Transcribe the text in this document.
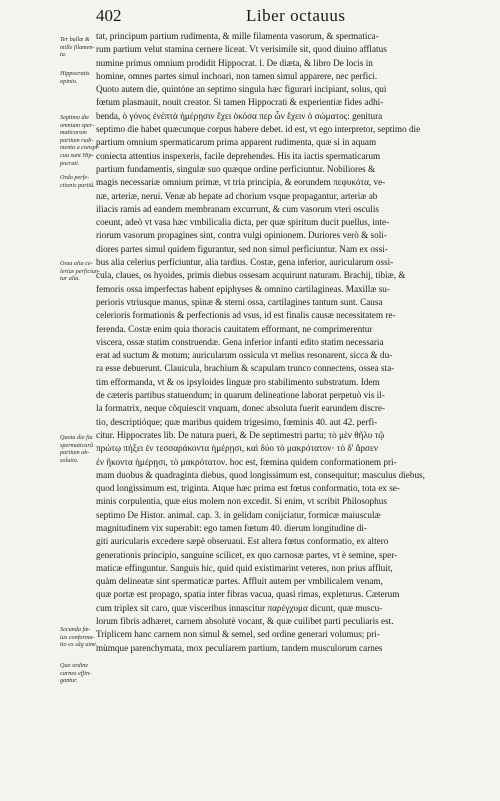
402	Liber octauus
Ter bullæ &
mille filamen-
ta.
Hippocratis
opinio.
Septimo die
omnium sper-
maticorum
partium rudi-
menta a conspi-
cua sunt Hip-
pocrati.
Ordo perfe-
ctionis partiũ.
Ossa alia ce-
lerius perficiun-
tur alia.
Quota die fia
spermaticarũ
partium ab-
solutio.
Secunda fœ-
tus conforma-
tio ex sãg uine.
Quo ordine
carnes effin-
gantur.
tat, principum partium rudimenta, & mille filamenta vasorum, & spermatica-
rum partium velut stamina cernere liceat. Vt verisimile sit, quod diuino afflatus
numine primus omnium prodidit Hippocrat. l. De diæta, & libro De locis in
homine, omnes partes simul inchoari, non tamen simul apparere, nec perfici.
Quoto autem die, quintóne an septimo singula hæc figurari incipiant, solus, qui
fœtum plasmauit, nouit creator. Si tamen Hippocrati & experientiæ fides adhi-
benda, ὁ γόνος ἐνέπτὰ ἡμέρῃσιν ἔχει ὁκόσα περ ὦν ἔχειν ὁ σώματος: genitura
septimo die habet quæcunque corpus habere debet. id est, vt ego interpretor, septimo die
partium omnium spermaticarum prima apparent rudimenta, quæ si in aquam
coniecta attentius inspexeris, facile deprehendes. His ita iactis spermaticarum
partium fundamentis, singulæ suo quæque ordine perficiuntur. Nobiliores &
magis necessariæ omnium primæ, vt tria principia, & eorundem πεφυκότα, ve-
næ, arteriæ, nerui. Venæ ab hepate ad chorium vsque propagantur, arteriæ ab
iliacis ramis ad eandem membranam excurrunt, & cum vasorum vteri osculis
coeunt, adeò vt vasa hæc vmbilicalia dicta, per quæ spiritum ducit puellus, inte-
riorum vasorum propagines sint, contra vulgi opinionem. Duriores verò & soli-
diores partes simul quidem figurantur, sed non simul perficiuntur. Nam ex ossi-
bus alia celerius perficiuntur, alia tardius. Costæ, gena inferior, auricularum ossi-
cula, claues, os hyoides, primis diebus ossesam acquirunt naturam. Brachij, tibiæ, &
femoris ossa imperfectas habent epiphyses & omnino cartilagineas. Maxillæ su-
perioris vtriusque manus, spinæ & sterni ossa, cartilagines tantum sunt. Causa
celerioris formationis & perfectionis ad vsus, id est finalis causæ necessitatem re-
ferenda. Costæ enim quia thoracis cauitatem efformant, ne comprimerentur
viscera, ossæ statim construendæ. Gena inferior infanti edito statim necessaria
erat ad suctum & motum; auricularum ossicula vt melius resonarent, sicca & du-
ra esse debuerunt. Clauicula, brachium & scapulam trunco connectens, ossea sta-
tim efformanda, vt & os ipsyloides linguæ pro stabilimento substratum. Idem
de cæteris partibus statuendum; in quarum delineatione laborat perpetuò vis il-
la formatrix, neque cõquiescit vnquam, donec absoluta fuerit earundem discre-
tio, descriptióque; quæ maribus quidem trigesimo, fœminis 40. aut 42. perfi-
citur. Hippocrates lib. De natura pueri, & De septimestri partu; τὸ μὲν θῆλυ τῷ
πρώτῳ πήξει ἐν τεσσαράκοντα ἡμέρῃσι, καὶ δύο τὸ μακρότατον· τὸ δ' ἄρσεν
ἐν ἥκοντα ἡμέρῃσι, τὸ μακρότατον. hoc est, fœmina quidem conformationem pri-
mam duobus & quadraginta diebus, quod longissimum est, consequitur; masculus diebus,
quod longissimum est, triginta. Atque hæc prima est fœtus conformatio, tota ex se-
minis corpulentia, quæ eius molem non excedit. Si enim, vt scribit Philosophus
septimo De Histor. animal. cap. 3. in gelidam conijciatur, formicæ maiusculæ
magnitudinem vix superabit: ego tamen fœtum 40. dierum longitudine di-
giti auricularis excedere sæpè obseruaui. Est altera fœtus conformatio, ex altero
generationis principio, sanguine scilicet, ex quo carnosæ partes, vt è semine, sper-
maticæ effinguntur. Sanguis hic, quid quid existimarint veteres, non prius affluit,
quàm delineatæ sint spermaticæ partes. Affluit autem per vmbilicalem venam,
quæ portæ est propago, spatia inter fibras vacua, quasi rimas, expleturus. Cæterum
cum triplex sit caro, quæ visceribus innascitur παρέγχυμα dicunt, quæ muscu-
lorum fibris adhæret, carnem absolutè vocant, & quæ cuilibet parti peculiaris est.
Triplicem hanc carnem non simul & semel, sed ordine generari volumus; pri-
mùmque parenchymata, mox peculiarem partium, tandem musculorum carnes
